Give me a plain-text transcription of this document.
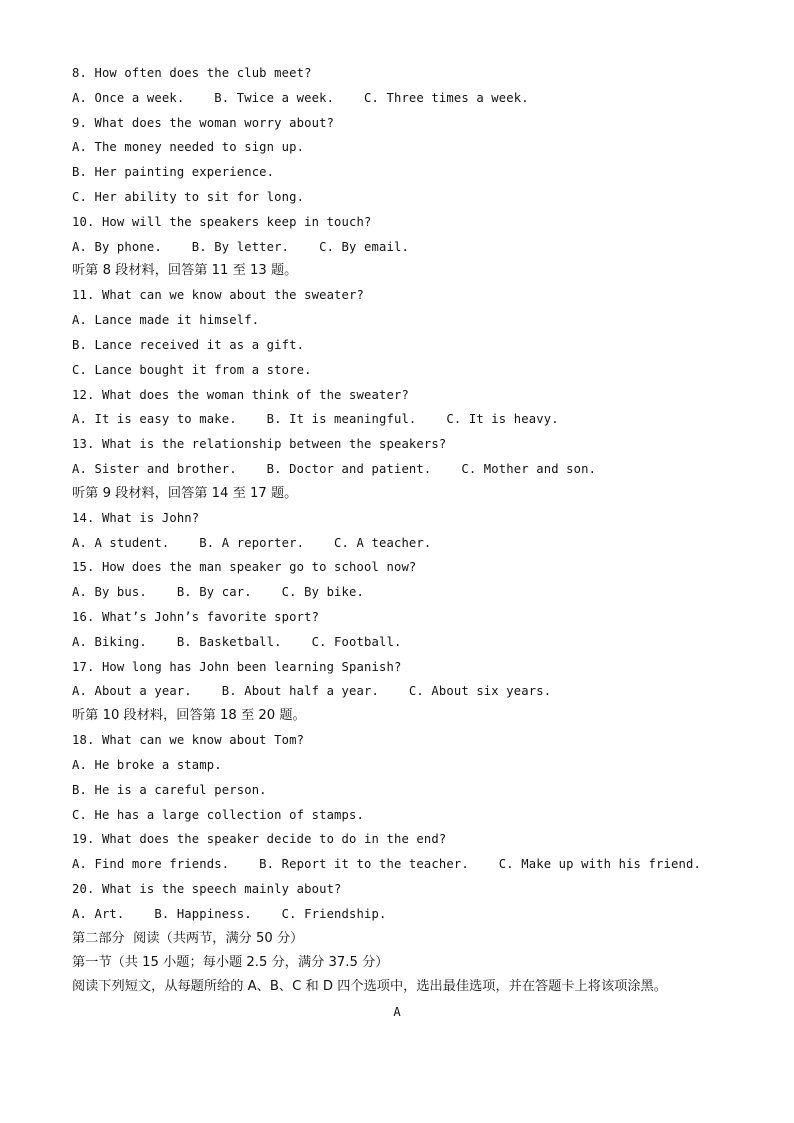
8. How often does the club meet?
A. Once a week.    B. Twice a week.    C. Three times a week.
9. What does the woman worry about?
A. The money needed to sign up.
B. Her painting experience.
C. Her ability to sit for long.
10. How will the speakers keep in touch?
A. By phone.    B. By letter.    C. By email.
听第 8 段材料，回答第 11 至 13 题。
11. What can we know about the sweater?
A. Lance made it himself.
B. Lance received it as a gift.
C. Lance bought it from a store.
12. What does the woman think of the sweater?
A. It is easy to make.    B. It is meaningful.    C. It is heavy.
13. What is the relationship between the speakers?
A. Sister and brother.    B. Doctor and patient.    C. Mother and son.
听第 9 段材料，回答第 14 至 17 题。
14. What is John?
A. A student.    B. A reporter.    C. A teacher.
15. How does the man speaker go to school now?
A. By bus.    B. By car.    C. By bike.
16. What’s John’s favorite sport?
A. Biking.    B. Basketball.    C. Football.
17. How long has John been learning Spanish?
A. About a year.    B. About half a year.    C. About six years.
听第 10 段材料，回答第 18 至 20 题。
18. What can we know about Tom?
A. He broke a stamp.
B. He is a careful person.
C. He has a large collection of stamps.
19. What does the speaker decide to do in the end?
A. Find more friends.    B. Report it to the teacher.    C. Make up with his friend.
20. What is the speech mainly about?
A. Art.    B. Happiness.    C. Friendship.
第二部分  阅读（共两节，满分 50 分）
第一节（共 15 小题；每小题 2.5 分，满分 37.5 分）
阅读下列短文，从每题所给的 A、B、C 和 D 四个选项中，选出最佳选项，并在答题卡上将该项涂黑。
A
